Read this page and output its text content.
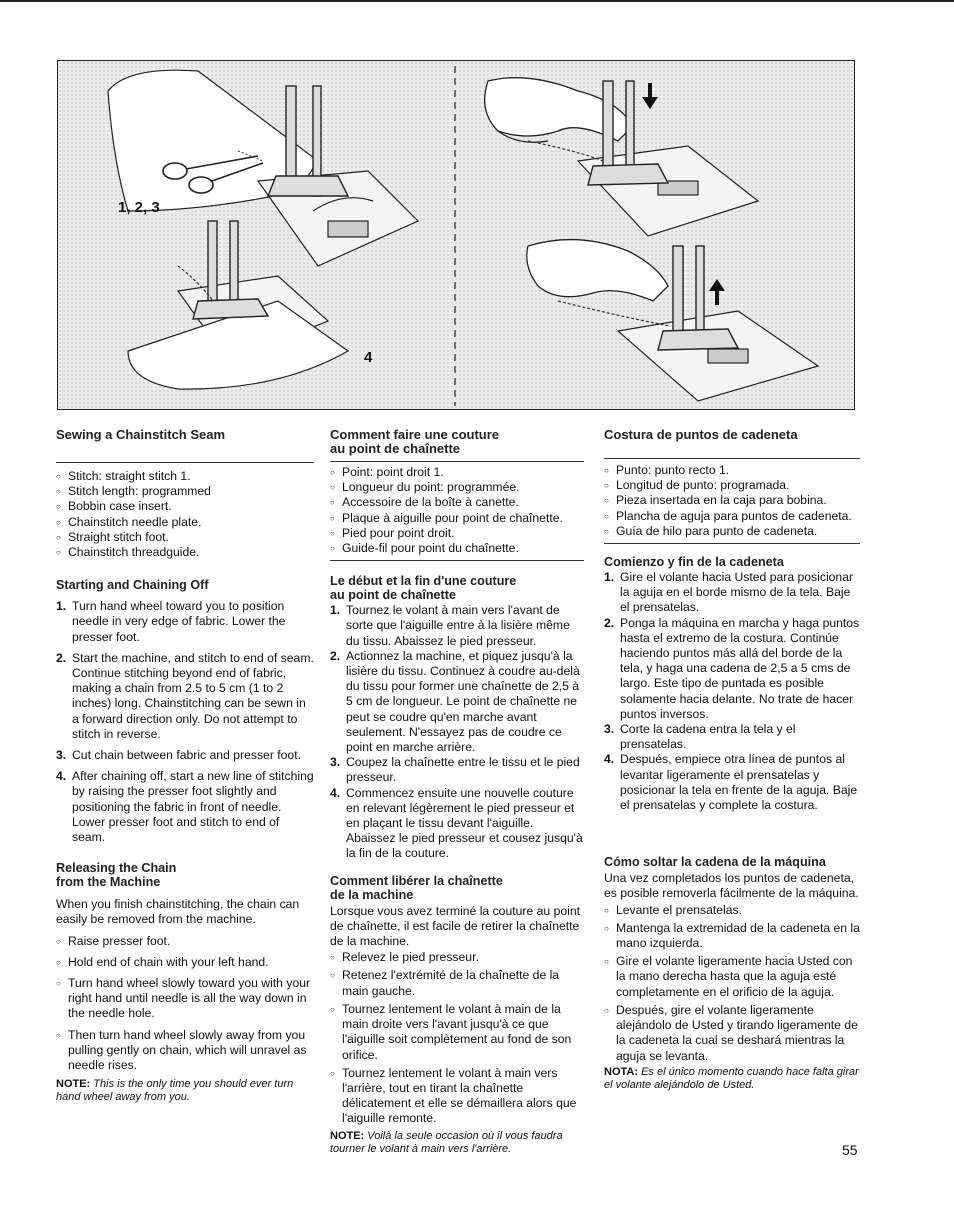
1, 2, 3
4
Sewing a Chainstitch Seam
○ Stitch: straight stitch 1.
○ Stitch length: programmed
○ Bobbin case insert.
○ Chainstitch needle plate.
○ Straight stitch foot.
○ Chainstitch threadguide.
Starting and Chaining Off
1. Turn hand wheel toward you to position needle in very edge of fabric. Lower the presser foot.
2. Start the machine, and stitch to end of seam. Continue stitching beyond end of fabric, making a chain from 2.5 to 5 cm (1 to 2 inches) long. Chainstitching can be sewn in a forward direction only. Do not attempt to stitch in reverse.
3. Cut chain between fabric and presser foot.
4. After chaining off, start a new line of stitching by raising the presser foot slightly and positioning the fabric in front of needle. Lower presser foot and stitch to end of seam.
Releasing the Chain
from the Machine

When you finish chainstitching, the chain can easily be removed from the machine.

○ Raise presser foot.
○ Hold end of chain with your left hand.
○ Turn hand wheel slowly toward you with your right hand until needle is all the way down in the needle hole.
○ Then turn hand wheel slowly away from you pulling gently on chain, which will unravel as needle rises.

NOTE: This is the only time you should ever turn hand wheel away from you.

Comment faire une couture
au point de chaînette
○ Point: point droit 1.
○ Longueur du point: programmée.
○ Accessoire de la boîte à canette.
○ Plaque à aiguille pour point de chaînette.
○ Pied pour point droit.
○ Guide-fil pour point du chaînette.
Le début et la fin d'une couture
au point de chaînette
1. Tournez le volant à main vers l'avant de sorte que l'aiguille entre à la lisière même du tissu. Abaissez le pied presseur.
2. Actionnez la machine, et piquez jusqu'à la lisière du tissu. Continuez à coudre au-delà du tissu pour former une chaînette de 2,5 à 5 cm de longueur. Le point de chaînette ne peut se coudre qu'en marche avant seulement. N'essayez pas de coudre ce point en marche arrière.
3. Coupez la chaînette entre le tissu et le pied presseur.
4. Commencez ensuite une nouvelle couture en relevant légèrement le pied presseur et en plaçant le tissu devant l'aiguille. Abaissez le pied presseur et cousez jusqu'à la fin de la couture.
Comment libérer la chaînette
de la machine

Lorsque vous avez terminé la couture au point de chaînette, il est facile de retirer la chaînette de la machine.

○ Relevez le pied presseur.
○ Retenez l'extrémité de la chaînette de la main gauche.
○ Tournez lentement le volant à main de la main droite vers l'avant jusqu'à ce que l'aiguille soit complètement au fond de son orifice.
○ Tournez lentement le volant à main vers l'arrière, tout en tirant la chaînette délicatement et elle se démaillera alors que l'aiguille remonte.

NOTE: Voilà la seule occasion où il vous faudra tourner le volant à main vers l'arrière.

Costura de puntos de cadeneta
○ Punto: punto recto 1.
○ Longitud de punto: programada.
○ Pieza insertada en la caja para bobina.
○ Plancha de aguja para puntos de cadeneta.
○ Guía de hilo para punto de cadeneta.
Comienzo y fin de la cadeneta
1. Gire el volante hacia Usted para posicionar la aguja en el borde mismo de la tela. Baje el prensatelas.
2. Ponga la máquina en marcha y haga puntos hasta el extremo de la costura. Continúe haciendo puntos más allá del borde de la tela, y haga una cadena de 2,5 a 5 cms de largo. Este tipo de puntada es posible solamente hacia delante. No trate de hacer puntos inversos.
3. Corte la cadena entra la tela y el prensatelas.
4. Después, empiece otra línea de puntos al levantar ligeramente el prensatelas y posicionar la tela en frente de la aguja. Baje el prensatelas y complete la costura.
Cómo soltar la cadena de la máquina

Una vez completados los puntos de cadeneta, es posible removerla fácilmente de la máquina.

○ Levante el prensatelas.
○ Mantenga la extremidad de la cadeneta en la mano izquierda.
○ Gire el volante ligeramente hacia Usted con la mano derecha hasta que la aguja esté completamente en el orificio de la aguja.
○ Después, gire el volante ligeramente alejándolo de Usted y tirando ligeramente de la cadeneta la cual se deshará mientras la aguja se levanta.

NOTA: Es el único momento cuando hace falta girar el volante alejándolo de Usted.

55
